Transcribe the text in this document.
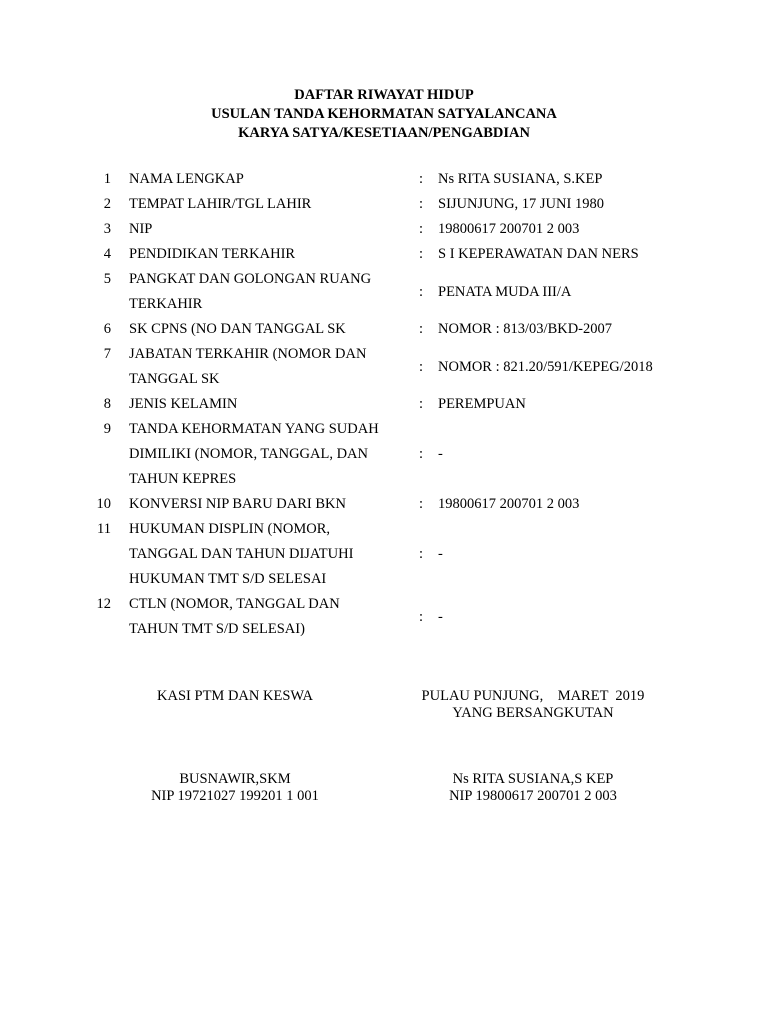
DAFTAR RIWAYAT HIDUP
USULAN TANDA KEHORMATAN SATYALANCANA
KARYA SATYA/KESETIAAN/PENGABDIAN
1 NAMA LENGKAP	: Ns RITA SUSIANA, S.KEP
2 TEMPAT LAHIR/TGL LAHIR	: SIJUNJUNG, 17 JUNI 1980
3 NIP	: 19800617 200701 2 003
4 PENDIDIKAN TERKAHIR	: S I KEPERAWATAN DAN NERS
5 PANGKAT DAN GOLONGAN RUANG
TERKAHIR
: PENATA MUDA III/A
6 SK CPNS (NO DAN TANGGAL SK	: NOMOR : 813/03/BKD-2007
7 JABATAN TERKAHIR (NOMOR DAN
TANGGAL SK
: NOMOR : 821.20/591/KEPEG/2018
8 JENIS KELAMIN	: PEREMPUAN
9 TANDA KEHORMATAN YANG SUDAH
DIMILIKI (NOMOR, TANGGAL, DAN
TAHUN KEPRES
: -
10 KONVERSI NIP BARU DARI BKN	: 19800617 200701 2 003
11 HUKUMAN DISPLIN (NOMOR,
TANGGAL DAN TAHUN DIJATUHI
HUKUMAN TMT S/D SELESAI
: -
12 CTLN (NOMOR, TANGGAL DAN
TAHUN TMT S/D SELESAI)
: -
KASI PTM DAN KESWA
BUSNAWIR,SKM
NIP 19721027 199201 1 001
PULAU PUNJUNG,    MARET  2019
YANG BERSANGKUTAN
Ns RITA SUSIANA,S KEP
NIP 19800617 200701 2 003
